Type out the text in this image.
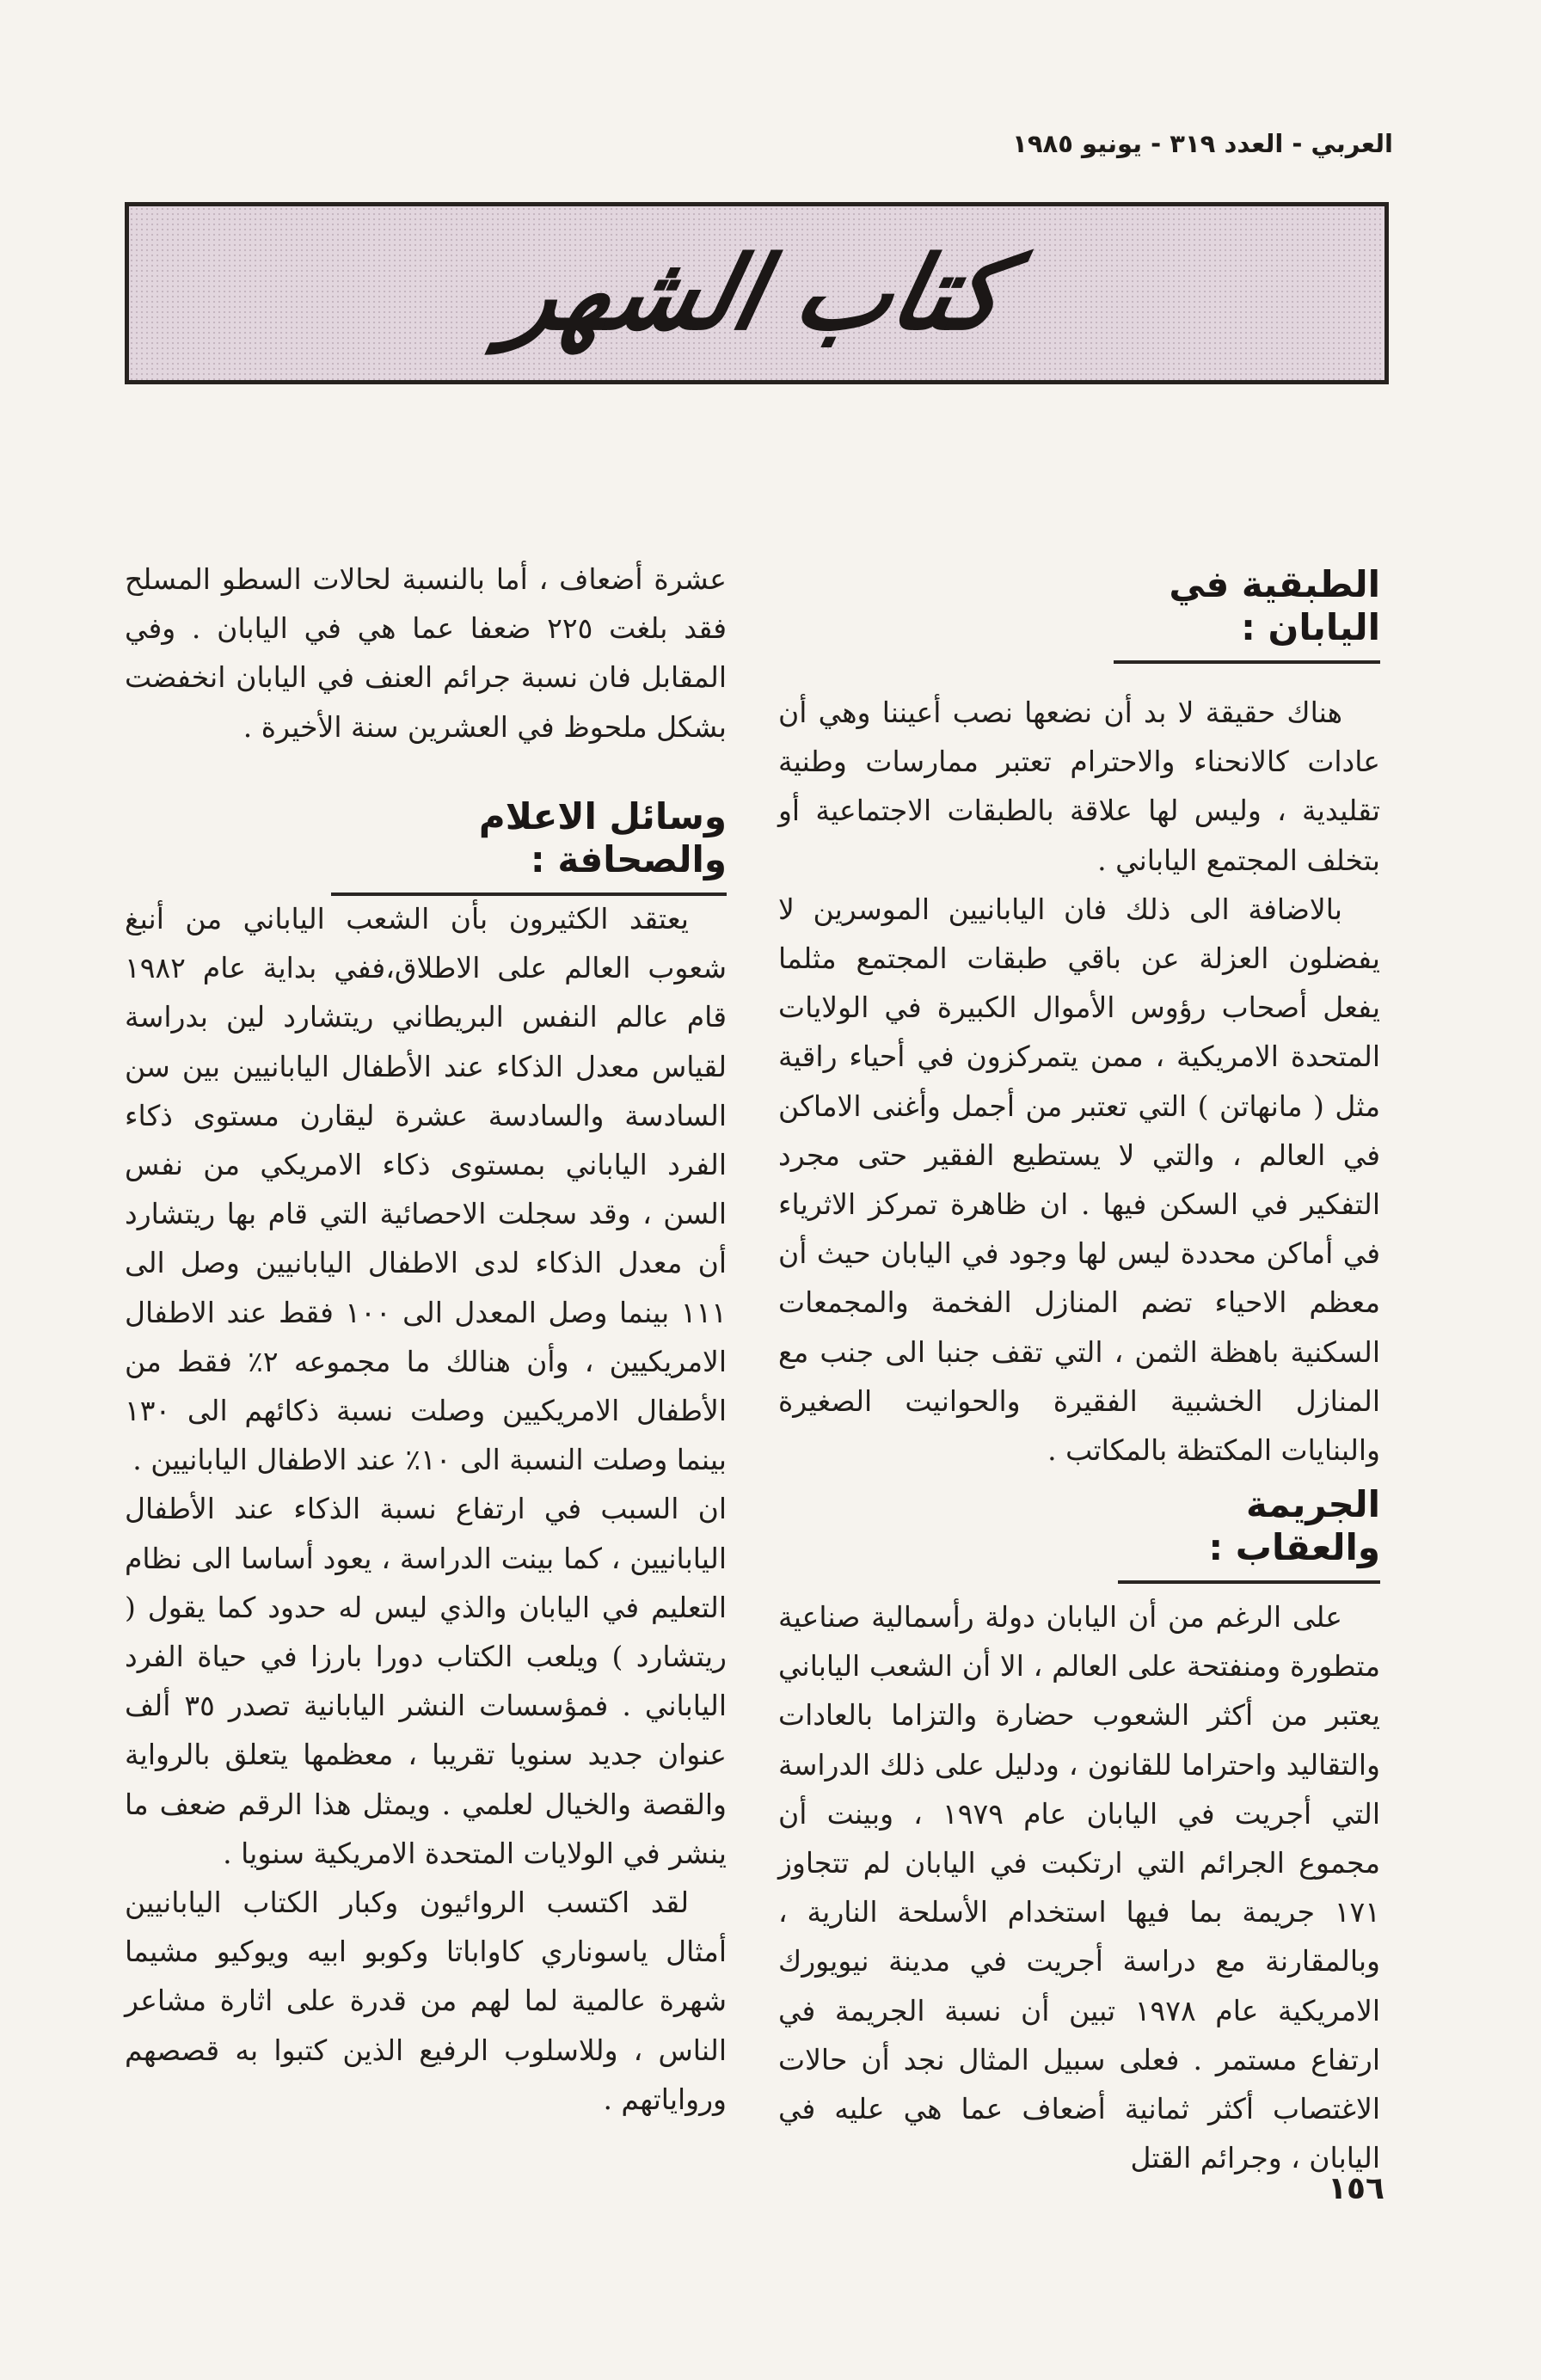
العربي - العدد ٣١٩ - يونيو ١٩٨٥
كتاب الشهر
الطبقية في اليابان :

هناك حقيقة لا بد أن نضعها نصب أعيننا وهي أن عادات كالانحناء والاحترام تعتبر ممارسات وطنية تقليدية ، وليس لها علاقة بالطبقات الاجتماعية أو بتخلف المجتمع الياباني .

بالاضافة الى ذلك فان اليابانيين الموسرين لا يفضلون العزلة عن باقي طبقات المجتمع مثلما يفعل أصحاب رؤوس الأموال الكبيرة في الولايات المتحدة الامريكية ، ممن يتمركزون في أحياء راقية مثل ( مانهاتن ) التي تعتبر من أجمل وأغنى الاماكن في العالم ، والتي لا يستطيع الفقير حتى مجرد التفكير في السكن فيها . ان ظاهرة تمركز الاثرياء في أماكن محددة ليس لها وجود في اليابان حيث أن معظم الاحياء تضم المنازل الفخمة والمجمعات السكنية باهظة الثمن ، التي تقف جنبا الى جنب مع المنازل الخشبية الفقيرة والحوانيت الصغيرة والبنايات المكتظة بالمكاتب .

الجريمة والعقاب :

على الرغم من أن اليابان دولة رأسمالية صناعية متطورة ومنفتحة على العالم ، الا أن الشعب الياباني يعتبر من أكثر الشعوب حضارة والتزاما بالعادات والتقاليد واحتراما للقانون ، ودليل على ذلك الدراسة التي أجريت في اليابان عام ١٩٧٩ ، وبينت أن مجموع الجرائم التي ارتكبت في اليابان لم تتجاوز ١٧١ جريمة بما فيها استخدام الأسلحة النارية ، وبالمقارنة مع دراسة أجريت في مدينة نيويورك الامريكية عام ١٩٧٨ تبين أن نسبة الجريمة في ارتفاع مستمر . فعلى سبيل المثال نجد أن حالات الاغتصاب أكثر ثمانية أضعاف عما هي عليه في اليابان ، وجرائم القتل

عشرة أضعاف ، أما بالنسبة لحالات السطو المسلح فقد بلغت ٢٢٥ ضعفا عما هي في اليابان . وفي المقابل فان نسبة جرائم العنف في اليابان انخفضت بشكل ملحوظ في العشرين سنة الأخيرة .

وسائل الاعلام والصحافة :

يعتقد الكثيرون بأن الشعب الياباني من أنبغ شعوب العالم على الاطلاق،ففي بداية عام ١٩٨٢ قام عالم النفس البريطاني ريتشارد لين بدراسة لقياس معدل الذكاء عند الأطفال اليابانيين بين سن السادسة والسادسة عشرة ليقارن مستوى ذكاء الفرد الياباني بمستوى ذكاء الامريكي من نفس السن ، وقد سجلت الاحصائية التي قام بها ريتشارد أن معدل الذكاء لدى الاطفال اليابانيين وصل الى ١١١ بينما وصل المعدل الى ١٠٠ فقط عند الاطفال الامريكيين ، وأن هنالك ما مجموعه ٢٪ فقط من الأطفال الامريكيين وصلت نسبة ذكائهم الى ١٣٠ بينما وصلت النسبة الى ١٠٪ عند الاطفال اليابانيين .

ان السبب في ارتفاع نسبة الذكاء عند الأطفال اليابانيين ، كما بينت الدراسة ، يعود أساسا الى نظام التعليم في اليابان والذي ليس له حدود كما يقول ( ريتشارد ) ويلعب الكتاب دورا بارزا في حياة الفرد الياباني . فمؤسسات النشر اليابانية تصدر ٣٥ ألف عنوان جديد سنويا تقريبا ، معظمها يتعلق بالرواية والقصة والخيال لعلمي . ويمثل هذا الرقم ضعف ما ينشر في الولايات المتحدة الامريكية سنويا .

لقد اكتسب الروائيون وكبار الكتاب اليابانيين أمثال ياسوناري كاواباتا وكوبو ابيه ويوكيو مشيما شهرة عالمية لما لهم من قدرة على اثارة مشاعر الناس ، وللاسلوب الرفيع الذين كتبوا به قصصهم ورواياتهم .

١٥٦
